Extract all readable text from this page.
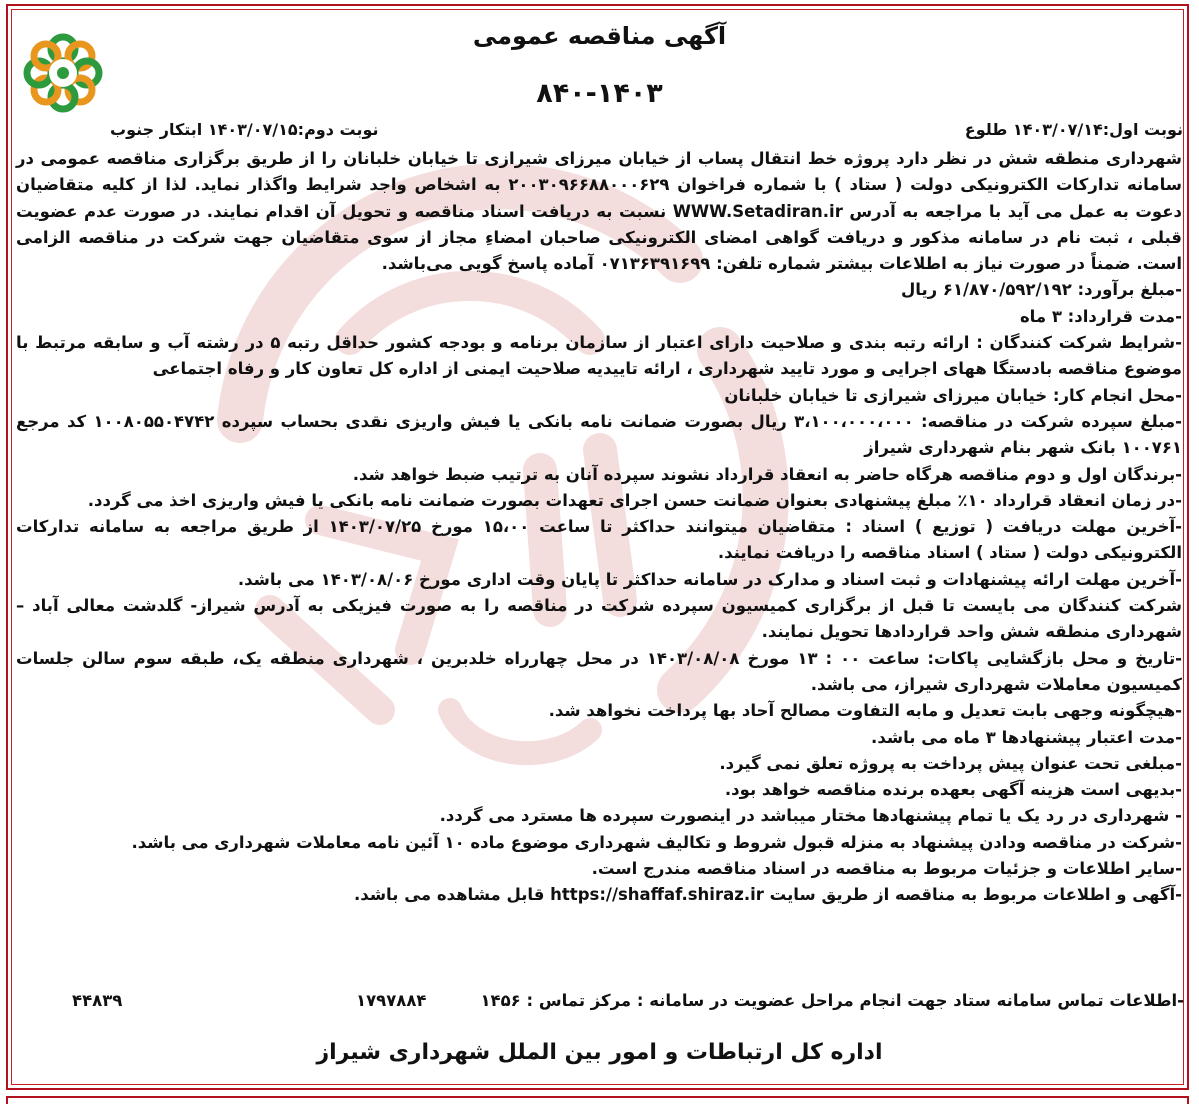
آگهی مناقصه عمومی
۸۴۰-۱۴۰۳
نوبت اول:۱۴۰۳/۰۷/۱۴ طلوع
نوبت دوم:۱۴۰۳/۰۷/۱۵ ابتکار جنوب

شهرداری منطقه شش در نظر دارد پروژه خط انتقال پساب از خیابان میرزای شیرازی تا خیابان خلبانان را از طریق برگزاری مناقصه عمومی در سامانه تدارکات الکترونیکی دولت ( ستاد ) با شماره فراخوان ۲۰۰۳۰۹۶۶۸۸۰۰۰۶۲۹ به اشخاص واجد شرایط واگذار نماید. لذا از کلیه متقاضیان دعوت به عمل می آید با مراجعه به آدرس WWW.Setadiran.ir نسبت به دریافت اسناد مناقصه و تحویل آن اقدام نمایند. در صورت عدم عضویت قبلی ، ثبت نام در سامانه مذکور و دریافت گواهی امضای الکترونیکی صاحبان امضاءِ مجاز از سوی متقاضیان جهت شرکت در مناقصه الزامی است. ضمناً در صورت نیاز به اطلاعات بیشتر شماره تلفن: ۰۷۱۳۶۳۹۱۶۹۹ آماده پاسخ گویی می‌باشد.

-مبلغ برآورد: ۶۱/۸۷۰/۵۹۲/۱۹۲ ریال

-مدت قرارداد: ۳ ماه

-شرایط شرکت کنندگان : ارائه رتبه بندی و صلاحیت دارای اعتبار از سازمان برنامه و بودجه کشور حداقل رتبه ۵ در رشته آب و سابقه مرتبط با موضوع مناقصه بادستگا ههای اجرایی و مورد تایید شهرداری ، ارائه تاییدیه صلاحیت ایمنی از اداره کل تعاون کار و رفاه اجتماعی

-محل انجام کار: خیابان میرزای شیرازی تا خیابان خلبانان

-مبلغ سپرده شرکت در مناقصه: ۳،۱۰۰،۰۰۰،۰۰۰ ریال بصورت ضمانت نامه بانکی یا فیش واریزی نقدی بحساب سپرده ۱۰۰۸۰۵۵۰۴۷۴۲ کد مرجع ۱۰۰۷۶۱ بانک شهر بنام شهرداری شیراز

-برندگان اول و دوم مناقصه هرگاه حاضر به انعقاد قرارداد نشوند سپرده آنان به ترتیب ضبط خواهد شد.

-در زمان انعقاد قرارداد ۱۰٪ مبلغ پیشنهادی بعنوان ضمانت حسن اجرای تعهدات بصورت ضمانت نامه بانکی یا فیش واریزی اخذ می گردد.

-آخرین مهلت دریافت ( توزیع ) اسناد : متقاضیان میتوانند حداکثر تا ساعت ۱۵،۰۰ مورخ ۱۴۰۳/۰۷/۲۵ از طریق مراجعه به سامانه تدارکات الکترونیکی دولت ( ستاد ) اسناد مناقصه را دریافت نمایند.

-آخرین مهلت ارائه پیشنهادات و ثبت اسناد و مدارک در سامانه حداکثر تا پایان وقت اداری مورخ ۱۴۰۳/۰۸/۰۶ می باشد.

شرکت کنندگان می بایست تا قبل از برگزاری کمیسیون سپرده شرکت در مناقصه را به صورت فیزیکی به آدرس شیراز- گلدشت معالی آباد – شهرداری منطقه شش واحد قراردادها تحویل نمایند.

-تاریخ و محل بازگشایی پاکات: ساعت ۰۰ : ۱۳ مورخ ۱۴۰۳/۰۸/۰۸ در محل چهارراه خلدبرین ، شهرداری منطقه یک، طبقه سوم سالن جلسات کمیسیون معاملات شهرداری شیراز، می باشد.

-هیچگونه وجهی بابت تعدیل و مابه التفاوت مصالح آحاد بها پرداخت نخواهد شد.

-مدت اعتبار پیشنهادها ۳ ماه می باشد.

-مبلغی تحت عنوان پیش پرداخت به پروژه تعلق نمی گیرد.

-بدیهی است هزینه آگهی بعهده برنده مناقصه خواهد بود.

- شهرداری در رد یک یا تمام پیشنهادها مختار میباشد در اینصورت سپرده ها مسترد می گردد.

-شرکت در مناقصه ودادن پیشنهاد به منزله قبول شروط و تکالیف شهرداری موضوع ماده ۱۰ آئین نامه معاملات شهرداری می باشد.

-سایر اطلاعات و جزئیات مربوط به مناقصه در اسناد مناقصه مندرج است.

-آگهی و اطلاعات مربوط به مناقصه از طریق سایت https://shaffaf.shiraz.ir قابل مشاهده می باشد.

-اطلاعات تماس سامانه ستاد جهت انجام مراحل عضویت در سامانه : مرکز تماس : ۱۴۵۶
۱۷۹۷۸۸۴
۴۴۸۳۹
اداره کل ارتباطات و امور بین الملل شهرداری شیراز
